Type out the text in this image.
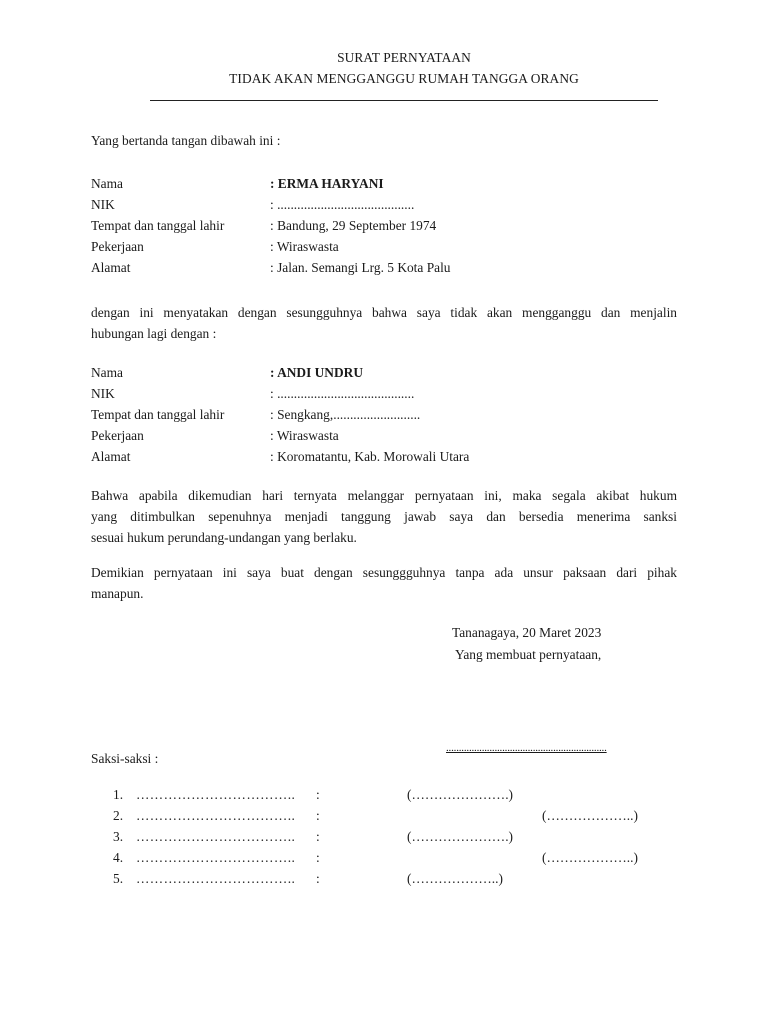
SURAT PERNYATAAN
TIDAK AKAN MENGGANGGU RUMAH TANGGA ORANG
Yang bertanda tangan dibawah ini :
Nama	: ERMA HARYANI
NIK	: .........................................
Tempat dan tanggal lahir	: Bandung, 29 September 1974
Pekerjaan	: Wiraswasta
Alamat	: Jalan. Semangi Lrg. 5 Kota Palu
dengan ini menyatakan dengan sesungguhnya bahwa saya tidak akan mengganggu dan menjalin
hubungan lagi dengan :
Nama	: ANDI UNDRU
NIK	: .........................................
Tempat dan tanggal lahir	: Sengkang,..........................
Pekerjaan	: Wiraswasta
Alamat	: Koromatantu, Kab. Morowali Utara
Bahwa apabila dikemudian hari ternyata melanggar pernyataan ini, maka segala akibat hukum
yang ditimbulkan sepenuhnya menjadi tanggung jawab saya dan bersedia menerima sanksi
sesuai hukum perundang-undangan yang berlaku.
Demikian pernyataan ini saya buat dengan sesunggguhnya tanpa ada unsur paksaan dari pihak
manapun.
Tananagaya, 20 Maret 2023
Yang membuat pernyataan,
...............................................................
Saksi-saksi :
1. …………………………….. :	(………………….)
2. …………………………….. :	(………………..)
3. …………………………….. :	(………………….)
4. …………………………….. :	(………………..)
5. …………………………….. :	(………………..)
